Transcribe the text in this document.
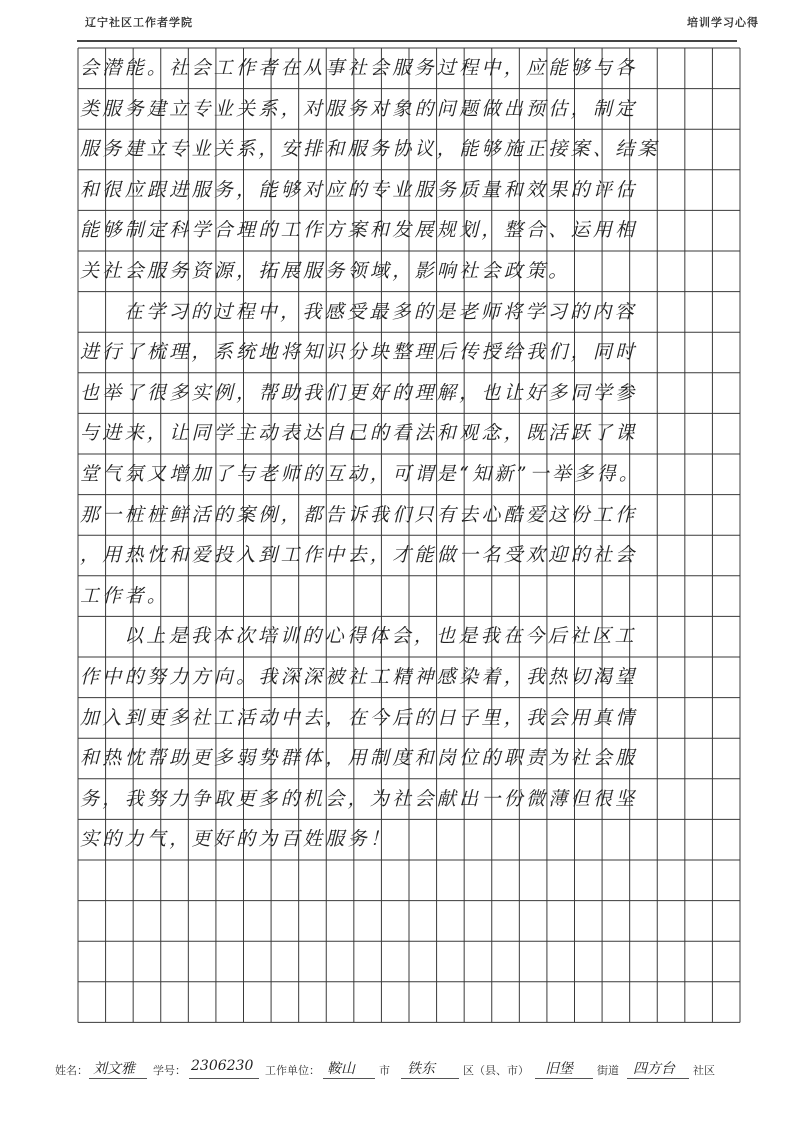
辽宁社区工作者学院	培训学习心得
会潜能。社会工作者在从事社会服务过程中，应能够与各
类服务建立专业关系，对服务对象的问题做出预估，制定
服务建立专业关系，安排和服务协议，能够施正接案、结案
和很应跟进服务，能够对应的专业服务质量和效果的评估
能够制定科学合理的工作方案和发展规划，整合、运用相
关社会服务资源，拓展服务领域，影响社会政策。
在学习的过程中，我感受最多的是老师将学习的内容
进行了梳理，系统地将知识分块整理后传授给我们，同时
也举了很多实例，帮助我们更好的理解，也让好多同学参
与进来，让同学主动表达自己的看法和观念，既活跃了课
堂气氛又增加了与老师的互动，可谓是“知新”一举多得。
那一桩桩鲜活的案例，都告诉我们只有去心酷爱这份工作
，用热忱和爱投入到工作中去，才能做一名受欢迎的社会
工作者。
以上是我本次培训的心得体会，也是我在今后社区工
作中的努力方向。我深深被社工精神感染着，我热切渴望
加入到更多社工活动中去，在今后的日子里，我会用真情
和热忱帮助更多弱势群体，用制度和岗位的职责为社会服
务，我努力争取更多的机会，为社会献出一份微薄但很坚
实的力气，更好的为百姓服务！
姓名： 刘文雅 学号： 2306230 工作单位： 鞍山 市 铁东	区（县、市） 旧堡 街道 四方台 社区
